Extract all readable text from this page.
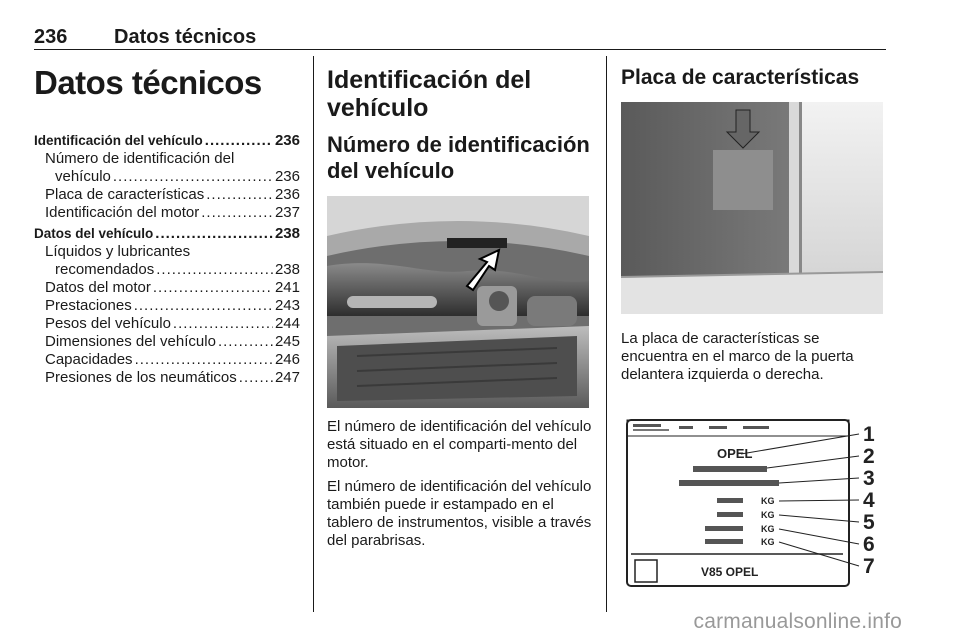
236 Datos técnicos
Datos técnicos
Identificación del vehículo .....	236
Número de identificación del
vehículo .....	236
Placa de características .....	236
Identificación del motor .....	237
Datos del vehículo .....	238
Líquidos y lubricantes
recomendados .....	238
Datos del motor .....	241
Prestaciones .....	243
Pesos del vehículo .....	244
Dimensiones del vehículo .....	245
Capacidades .....	246
Presiones de los neumáticos .....	247
Identificación del vehículo
Número de identificación del vehículo
El número de identificación del vehículo está situado en el comparti-mento del motor.
El número de identificación del vehículo también puede ir estampado en el tablero de instrumentos, visible a través del parabrisas.
Placa de características
La placa de características se encuentra en el marco de la puerta delantera izquierda o derecha.
OPEL
KG
KG
KG
KG
V85 OPEL
1
2
3
4
5
6
7
carmanualsonline.info
